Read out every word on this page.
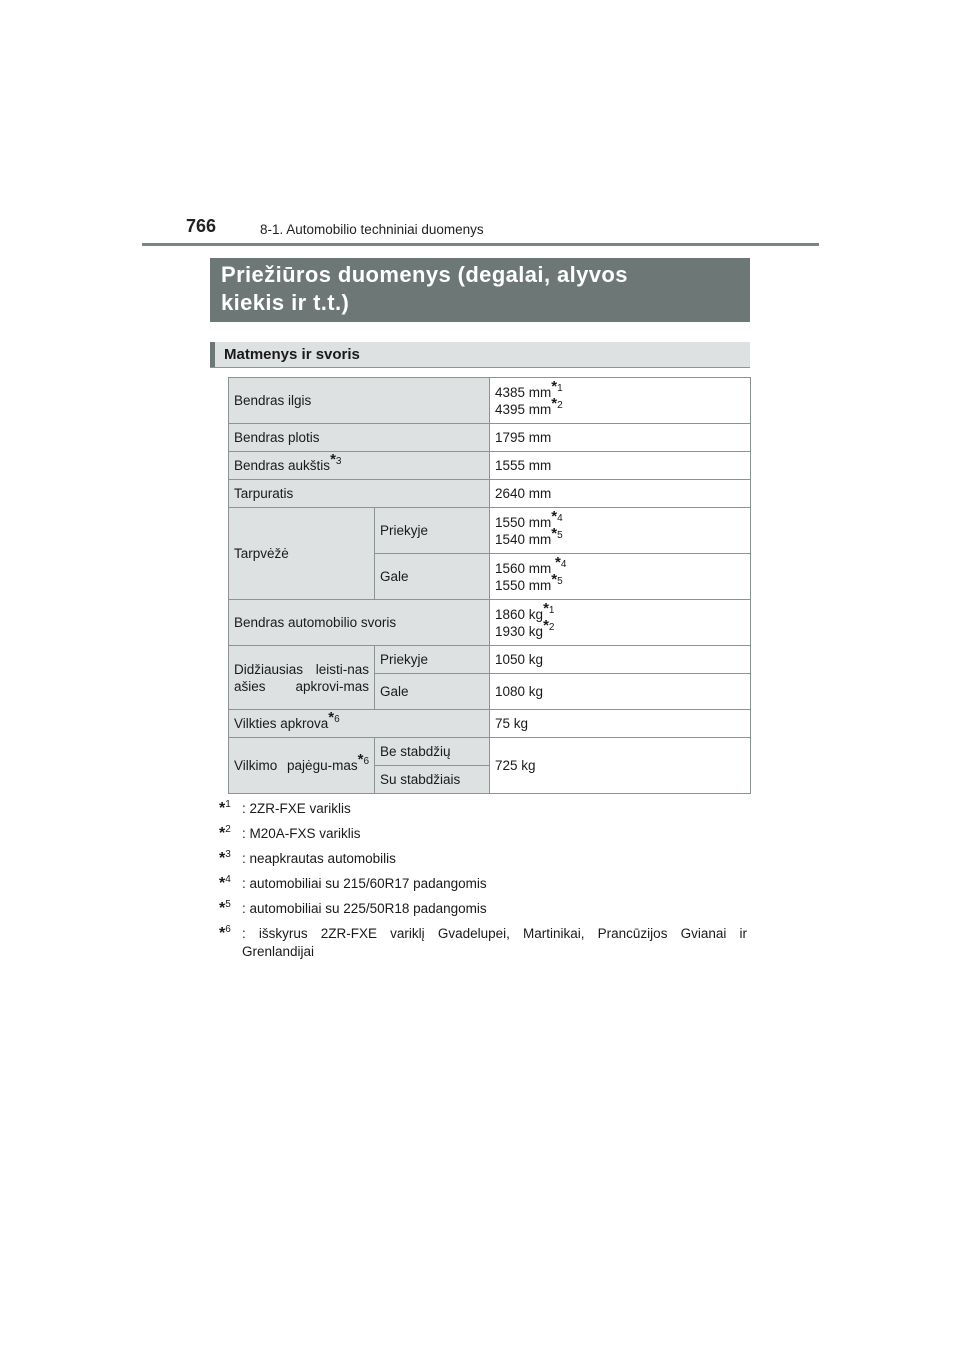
766	8-1. Automobilio techniniai duomenys
Priežiūros duomenys (degalai, alyvos
kiekis ir t.t.)
Matmenys ir svoris
Bendras ilgis		4385 $mm^{*1}$
4395 $mm^{*2}$

Bendras plotis		1795 mm
Bendras aukštis$^{*3}$		1555 mm
Tarpuratis		2640 mm
Tarpvėžė	Priekyje	1550 $mm^{*4}$
1540 $mm^{*5}$

	Gale	1560 mm $^{*4}$
1550 $mm^{*5}$

Bendras automobilio svoris		1860 $kg^{*1}$
1930 $kg^{*2}$

Didžiausias leisti-nas ašies apkrovi-mas	Priekyje	1050 kg
	Gale	1080 kg
Vilkties apkrova$^{*6}$		75 kg
Vilkimo pajėgu-mas$^{*6}$	Be stabdžių	725 kg
	Su stabdžiais	
*$^1$ : 2ZR-FXE variklis
*$^2$ : M20A-FXS variklis
*$^3$ : neapkrautas automobilis
*$^4$ : automobiliai su 215/60R17 padangomis
*$^5$ : automobiliai su 225/50R18 padangomis
*$^6$ : išskyrus 2ZR-FXE variklį Gvadelupei, Martinikai, Prancūzijos Gvianai ir Grenlandijai
